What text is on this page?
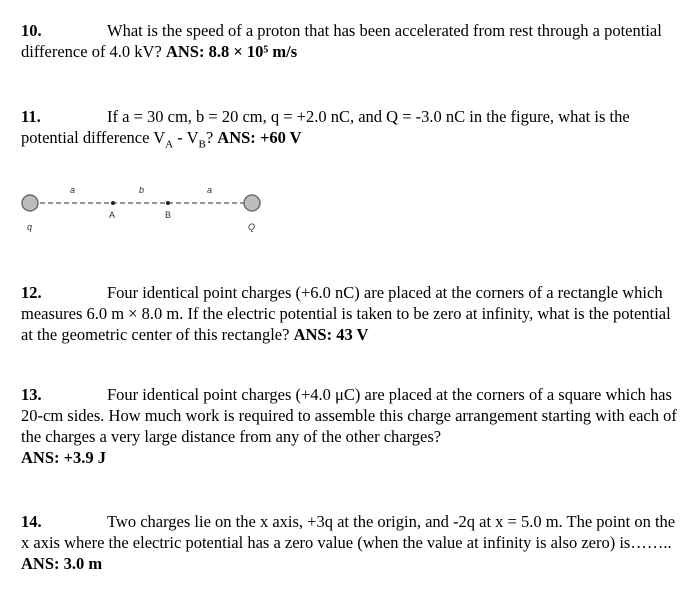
10.	What is the speed of a proton that has been accelerated from rest through a potential difference of 4.0 kV? ANS: 8.8 × 10⁵ m/s

11.	If a = 30 cm, b = 20 cm, q = +2.0 nC, and Q = -3.0 nC in the figure, what is the potential difference $V_A - V_B$? ANS: +60 V

a	b	a
A	B
q	Q

12.	Four identical point charges (+6.0 nC) are placed at the corners of a rectangle which measures 6.0 m × 8.0 m. If the electric potential is taken to be zero at infinity, what is the potential at the geometric center of this rectangle? ANS: 43 V

13.	Four identical point charges (+4.0 μC) are placed at the corners of a square which has 20-cm sides. How much work is required to assemble this charge arrangement starting with each of the charges a very large distance from any of the other charges?
ANS: +3.9 J

14.	Two charges lie on the x axis, +3q at the origin, and -2q at x = 5.0 m. The point on the x axis where the electric potential has a zero value (when the value at infinity is also zero) is…….. ANS: 3.0 m
